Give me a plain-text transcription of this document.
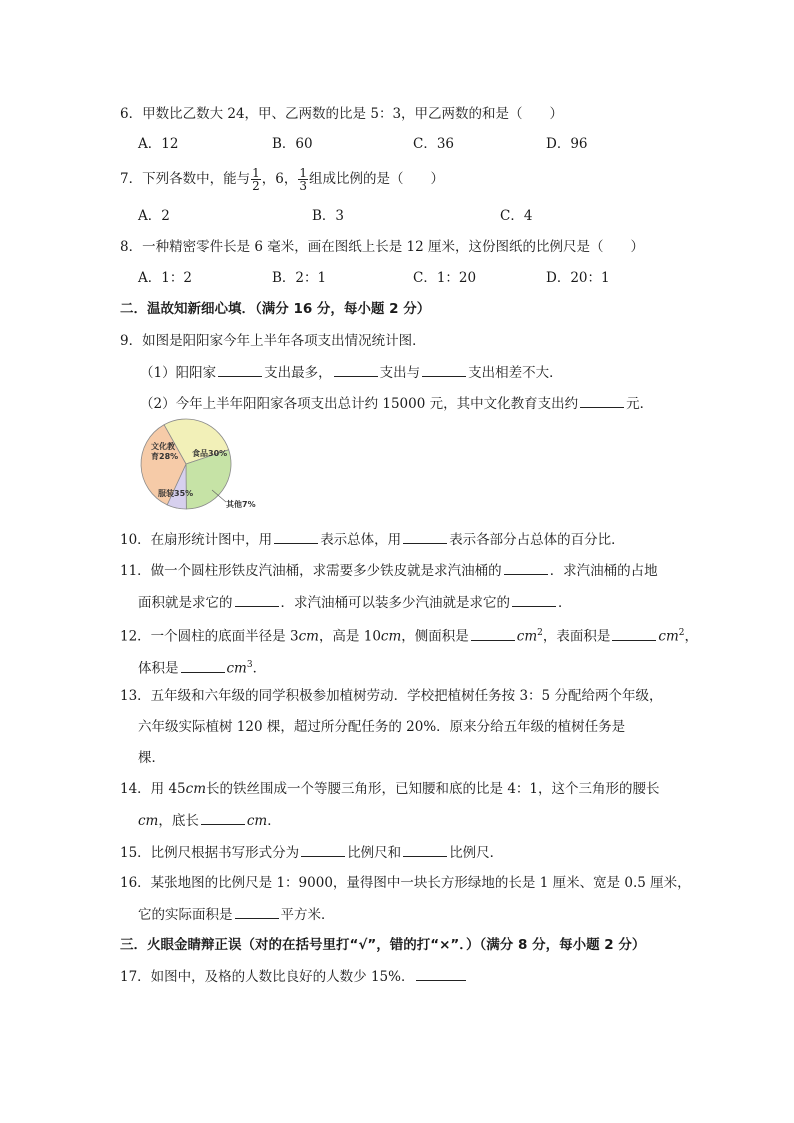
6．甲数比乙数大 24，甲、乙两数的比是 5：3，甲乙两数的和是（　　）
A．12	B．60	C．36	D．96
7．下列各数中，能与 $\frac{1}{2}$ ，6， $\frac{1}{3}$ 组成比例的是（　　）
A．2	B．3	C．4
8．一种精密零件长是 6 毫米，画在图纸上长是 12 厘米，这份图纸的比例尺是（　　）
A．1：2	B．2：1	C．1：20	D．20：1
二．温故知新细心填．（满分 16 分，每小题 2 分）
9．如图是阳阳家今年上半年各项支出情况统计图．
（1）阳阳家	支出最多，	支出与	支出相差不大．
（2）今年上半年阳阳家各项支出总计约 15000 元，其中文化教育支出约	元．
文化教
育28% 食品30%
其他7%
服装35%
10．在扇形统计图中，用	表示总体，用	表示各部分占总体的百分比．
11．做一个圆柱形铁皮汽油桶，求需要多少铁皮就是求汽油桶的	．求汽油桶的占地
面积就是求它的	．求汽油桶可以装多少汽油就是求它的	．
12．一个圆柱的底面半径是 3cm，高是 10cm，侧面积是	$cm^2$，表面积是	$cm^2$，
体积是	$cm^3$．
13．五年级和六年级的同学积极参加植树劳动．学校把植树任务按 3：5 分配给两个年级，
六年级实际植树 120 棵，超过所分配任务的 20%．原来分给五年级的植树任务是
棵．
14．用 45cm长的铁丝围成一个等腰三角形，已知腰和底的比是 4：1，这个三角形的腰长
cm，底长	cm．
15．比例尺根据书写形式分为	比例尺和	比例尺．
16．某张地图的比例尺是 1：9000，量得图中一块长方形绿地的长是 1 厘米、宽是 0.5 厘米，
它的实际面积是	平方米．
三．火眼金睛辩正误（对的在括号里打“√”，错的打“×”．）（满分 8 分，每小题 2 分）
17．如图中，及格的人数比良好的人数少 15%．
